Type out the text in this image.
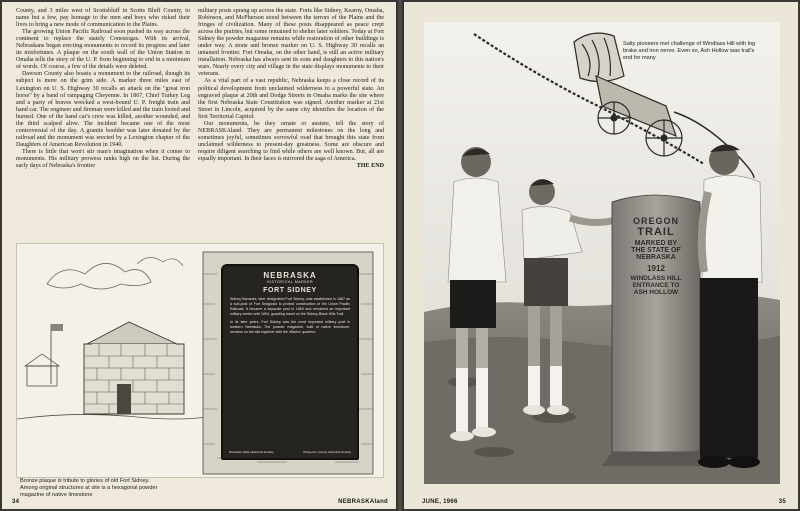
County, and 3 miles west of Scottsbluff in Scotts Bluff County, to name but a few, pay homage to the men and boys who risked their lives to bring a new mode of communication to the Plains.

The growing Union Pacific Railroad soon pushed its way across the continent to replace the stately Conestogas. With its arrival, Nebraskans began erecting monuments to record its progress and later its misfortunes. A plaque on the south wall of the Union Station in Omaha tells the story of the U. P. from beginning to end in a minimum of words. Of course, a few of the details were deleted.

Dawson County also boasts a monument to the railroad, though its subject is more on the grim side. A marker three miles east of Lexington on U. S. Highway 30 recalls an attack on the "great iron horse" by a band of rampaging Cheyenne. In 1867, Chief Turkey Leg and a party of braves wrecked a west-bound U. P. freight train and hand car. The engineer and fireman were killed and the train looted and burned. One of the hand car's crew was killed, another wounded, and the third scalped alive. The incident became one of the most controversial of the day. A granite boulder was later donated by the railroad and the monument was erected by a Lexington chapter of the Daughters of American Revolution in 1940.

There is little that won't stir man's imagination when it comes to monuments. His military prowess ranks high on the list. During the early days of Nebraska's frontier

military posts sprang up across the state. Forts like Sidney, Kearny, Omaha, Robinson, and McPherson stood between the terrors of the Plains and the fringes of civilization. Many of these posts disappeared as peace crept across the prairies, but some remained to shelter later soldiers. Today at Fort Sidney the powder magazine remains while restoration of other buildings is under way. A stone and bronze marker on U. S. Highway 30 recalls an untamed frontier. Fort Omaha, on the other hand, is still an active military installation. Nebraska has always sent its sons and daughters to this nation's wars. Nearly every city and village in the state displays monuments to their veterans.

As a vital part of a vast republic, Nebraska keeps a close record of its political development from unclaimed wilderness to a powerful state. An engraved plaque at 20th and Dodge Streets in Omaha marks the site where the first Nebraska State Constitution was signed. Another marker at 21st Street in Lincoln, acquired by the same city identifies the location of the first Territorial Capitol.

Our monuments, be they ornate or austere, tell the story of NEBRASKAland. They are permanent milestones on the long and sometimes joyful, sometimes sorrowful road that brought this state from unclaimed wilderness to present-day greatness. Some are obscure and require diligent searching to find while others are well known. But, all are equally important. In their faces is mirrored the saga of America.

THE END

NEBRASKA
HISTORICAL MARKER
FORT SIDNEY
Sidney Barracks, later designated Fort Sidney, was established in 1867 as a sub-post of Fort Sedgwick to protect construction of the Union Pacific Railroad. It became a separate post in 1869 and remained an important military center until 1894, guarding travel on the Sidney-Black Hills Trail.
In its later years, Fort Sidney was the most important military post in western Nebraska. The powder magazine, built of native limestone, remains on the site together with the officers' quarters.
Nebraska State Historical Society	Cheyenne County Historical Society
Bronze plaque is tribute to glories of old Fort Sidney. Among original structures at site is a hexagonal powder magazine of native limestone
34	NEBRASKAland
OREGON
TRAIL
MARKED BY
THE STATE OF
NEBRASKA
1912
WINDLASS HILL
ENTRANCE TO
ASH HOLLOW
JUNE, 1966	35
Salty pioneers met challenge of Windlass Hill with log brake and iron nerve. Even so, Ash Hollow was trail's end for many
